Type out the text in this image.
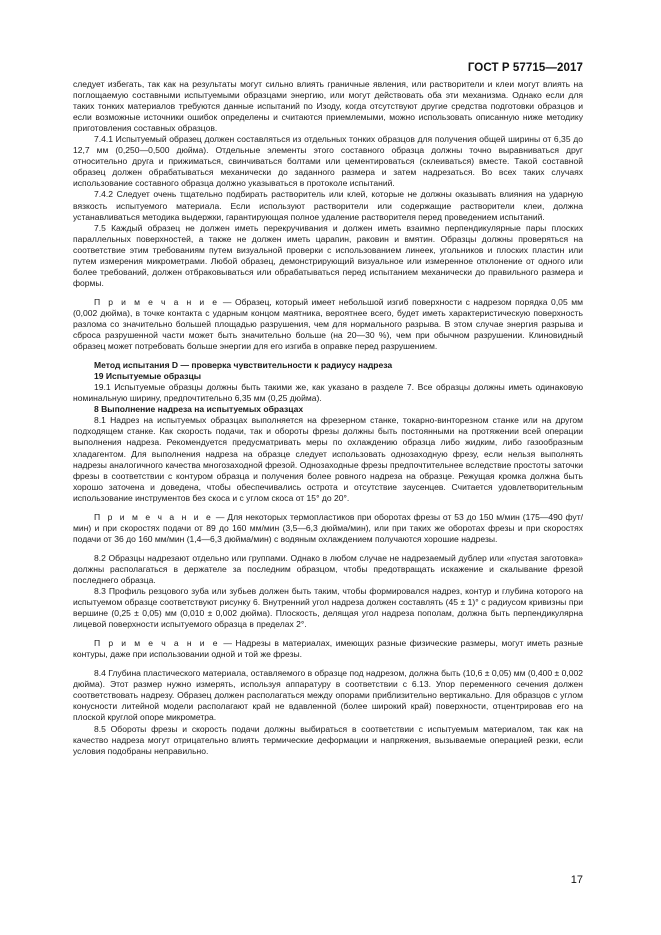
ГОСТ Р 57715—2017

следует избегать, так как на результаты могут сильно влиять граничные явления, или растворители и клеи могут влиять на поглощаемую составными испытуемыми образцами энергию, или могут действовать оба эти механизма. Однако если для таких тонких материалов требуются данные испытаний по Изоду, когда отсутствуют другие средства подготовки образцов и если возможные источники ошибок определены и считаются приемлемыми, можно использовать описанную ниже методику приготовления составных образцов.

7.4.1 Испытуемый образец должен составляться из отдельных тонких образцов для получения общей ширины от 6,35 до 12,7 мм (0,250—0,500 дюйма). Отдельные элементы этого составного образца должны точно выравниваться друг относительно друга и прижиматься, свинчиваться болтами или цементироваться (склеиваться) вместе. Такой составной образец должен обрабатываться механически до заданного размера и затем надрезаться. Во всех таких случаях использование составного образца должно указываться в протоколе испытаний.

7.4.2 Следует очень тщательно подбирать растворитель или клей, которые не должны оказывать влияния на ударную вязкость испытуемого материала. Если используют растворители или содержащие растворители клеи, должна устанавливаться методика выдержки, гарантирующая полное удаление растворителя перед проведением испытаний.

7.5 Каждый образец не должен иметь перекручивания и должен иметь взаимно перпендикулярные пары плоских параллельных поверхностей, а также не должен иметь царапин, раковин и вмятин. Образцы должны проверяться на соответствие этим требованиям путем визуальной проверки с использованием линеек, угольников и плоских пластин или путем измерения микрометрами. Любой образец, демонстрирующий визуальное или измеренное отклонение от одного или более требований, должен отбраковываться или обрабатываться перед испытанием механически до правильного размера и формы.

П р и м е ч а н и е — Образец, который имеет небольшой изгиб поверхности с надрезом порядка 0,05 мм (0,002 дюйма), в точке контакта с ударным концом маятника, вероятнее всего, будет иметь характеристическую поверхность разлома со значительно большей площадью разрушения, чем для нормального разрыва. В этом случае энергия разрыва и сброса разрушенной части может быть значительно больше (на 20—30 %), чем при обычном разрушении. Клиновидный образец может потребовать больше энергии для его изгиба в оправке перед разрушением.

Метод испытания D — проверка чувствительности к радиусу надреза

19 Испытуемые образцы

19.1 Испытуемые образцы должны быть такими же, как указано в разделе 7. Все образцы должны иметь одинаковую номинальную ширину, предпочтительно 6,35 мм (0,25 дюйма).

8 Выполнение надреза на испытуемых образцах

8.1 Надрез на испытуемых образцах выполняется на фрезерном станке, токарно-винторезном станке или на другом подходящем станке. Как скорость подачи, так и обороты фрезы должны быть постоянными на протяжении всей операции выполнения надреза. Рекомендуется предусматривать меры по охлаждению образца либо жидким, либо газообразным хладагентом. Для выполнения надреза на образце следует использовать однозаходную фрезу, если нельзя выполнять надрезы аналогичного качества многозаходной фрезой. Однозаходные фрезы предпочтительнее вследствие простоты заточки фрезы в соответствии с контуром образца и получения более ровного надреза на образце. Режущая кромка должна быть хорошо заточена и доведена, чтобы обеспечивались острота и отсутствие заусенцев. Считается удовлетворительным использование инструментов без скоса и с углом скоса от 15° до 20°.

П р и м е ч а н и е — Для некоторых термопластиков при оборотах фрезы от 53 до 150 м/мин (175—490 фут/мин) и при скоростях подачи от 89 до 160 мм/мин (3,5—6,3 дюйма/мин), или при таких же оборотах фрезы и при скоростях подачи от 36 до 160 мм/мин (1,4—6,3 дюйма/мин) с водяным охлаждением получаются хорошие надрезы.

8.2 Образцы надрезают отдельно или группами. Однако в любом случае не надрезаемый дублер или «пустая заготовка» должны располагаться в держателе за последним образцом, чтобы предотвращать искажение и скалывание фрезой последнего образца.

8.3 Профиль резцового зуба или зубьев должен быть таким, чтобы формировался надрез, контур и глубина которого на испытуемом образце соответствуют рисунку 6. Внутренний угол надреза должен составлять (45 ± 1)° с радиусом кривизны при вершине (0,25 ± 0,05) мм (0,010 ± 0,002 дюйма). Плоскость, делящая угол надреза пополам, должна быть перпендикулярна лицевой поверхности испытуемого образца в пределах 2°.

П р и м е ч а н и е — Надрезы в материалах, имеющих разные физические размеры, могут иметь разные контуры, даже при использовании одной и той же фрезы.

8.4 Глубина пластического материала, оставляемого в образце под надрезом, должна быть (10,6 ± 0,05) мм (0,400 ± 0,002 дюйма). Этот размер нужно измерять, используя аппаратуру в соответствии с 6.13. Упор переменного сечения должен соответствовать надрезу. Образец должен располагаться между опорами приблизительно вертикально. Для образцов с углом конусности литейной модели располагают край не вдавленной (более широкий край) поверхности, отцентрировав его на плоской круглой опоре микрометра.

8.5 Обороты фрезы и скорость подачи должны выбираться в соответствии с испытуемым материалом, так как на качество надреза могут отрицательно влиять термические деформации и напряжения, вызываемые операцией резки, если условия подобраны неправильно.

17
